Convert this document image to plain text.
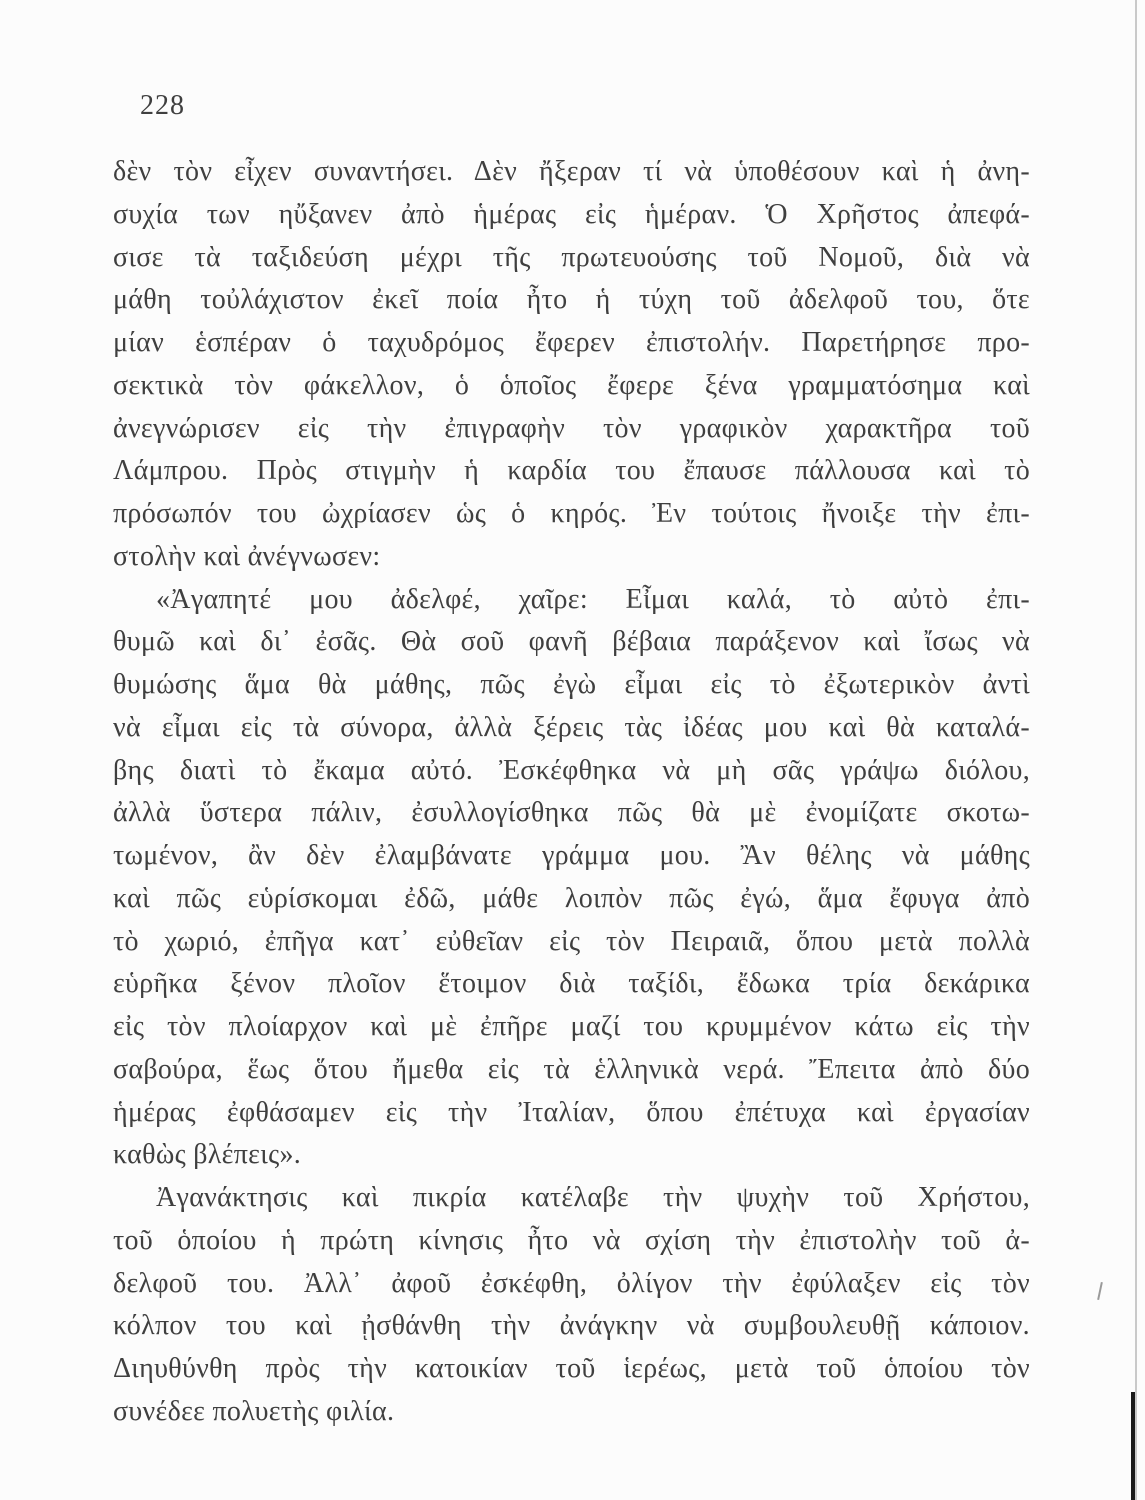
228
δὲν τὸν εἶχεν συναντήσει. Δὲν ἤξεραν τί νὰ ὑποθέσουν καὶ ἡ ἀνη-
συχία των ηὔξανεν ἀπὸ ἡμέρας εἰς ἡμέραν. Ὁ Χρῆστος ἀπεφά-
σισε τὰ ταξιδεύση μέχρι τῆς πρωτευούσης τοῦ Νομοῦ, διὰ νὰ
μάθη τοὐλάχιστον ἐκεῖ ποία ἦτο ἡ τύχη τοῦ ἀδελφοῦ του, ὅτε
μίαν ἑσπέραν ὁ ταχυδρόμος ἔφερεν ἐπιστολήν. Παρετήρησε προ-
σεκτικὰ τὸν φάκελλον, ὁ ὁποῖος ἔφερε ξένα γραμματόσημα καὶ
ἀνεγνώρισεν εἰς τὴν ἐπιγραφὴν τὸν γραφικὸν χαρακτῆρα τοῦ
Λάμπρου. Πρὸς στιγμὴν ἡ καρδία του ἔπαυσε πάλλουσα καὶ τὸ
πρόσωπόν του ὠχρίασεν ὡς ὁ κηρός. Ἐν τούτοις ἤνοιξε τὴν ἐπι-
στολὴν καὶ ἀνέγνωσεν:
«Ἀγαπητέ μου ἀδελφέ, χαῖρε: Εἶμαι καλά, τὸ αὐτὸ ἐπι-
θυμῶ καὶ δι᾽ ἐσᾶς. Θὰ σοῦ φανῆ βέβαια παράξενον καὶ ἴσως νὰ
θυμώσης ἅμα θὰ μάθης, πῶς ἐγὼ εἶμαι εἰς τὸ ἐξωτερικὸν ἀντὶ
νὰ εἶμαι εἰς τὰ σύνορα, ἀλλὰ ξέρεις τὰς ἰδέας μου καὶ θὰ καταλά-
βης διατὶ τὸ ἔκαμα αὐτό. Ἐσκέφθηκα νὰ μὴ σᾶς γράψω διόλου,
ἀλλὰ ὕστερα πάλιν, ἐσυλλογίσθηκα πῶς θὰ μὲ ἐνομίζατε σκοτω-
τωμένον, ἂν δὲν ἐλαμβάνατε γράμμα μου. Ἂν θέλης νὰ μάθης
καὶ πῶς εὑρίσκομαι ἐδῶ, μάθε λοιπὸν πῶς ἐγώ, ἅμα ἔφυγα ἀπὸ
τὸ χωριό, ἐπῆγα κατ᾽ εὐθεῖαν εἰς τὸν Πειραιᾶ, ὅπου μετὰ πολλὰ
εὑρῆκα ξένον πλοῖον ἕτοιμον διὰ ταξίδι, ἔδωκα τρία δεκάρικα
εἰς τὸν πλοίαρχον καὶ μὲ ἐπῆρε μαζί του κρυμμένον κάτω εἰς τὴν
σαβούρα, ἕως ὅτου ἤμεθα εἰς τὰ ἑλληνικὰ νερά. Ἔπειτα ἀπὸ δύο
ἡμέρας ἐφθάσαμεν εἰς τὴν Ἰταλίαν, ὅπου ἐπέτυχα καὶ ἐργασίαν
καθὼς βλέπεις».
Ἀγανάκτησις καὶ πικρία κατέλαβε τὴν ψυχὴν τοῦ Χρήστου,
τοῦ ὁποίου ἡ πρώτη κίνησις ἦτο νὰ σχίση τὴν ἐπιστολὴν τοῦ ἀ-
δελφοῦ του. Ἀλλ᾽ ἀφοῦ ἐσκέφθη, ὀλίγον τὴν ἐφύλαξεν εἰς τὸν
κόλπον του καὶ ᾐσθάνθη τὴν ἀνάγκην νὰ συμβουλευθῇ κάποιον.
Διηυθύνθη πρὸς τὴν κατοικίαν τοῦ ἱερέως, μετὰ τοῦ ὁποίου τὸν
συνέδεε πολυετὴς φιλία.
